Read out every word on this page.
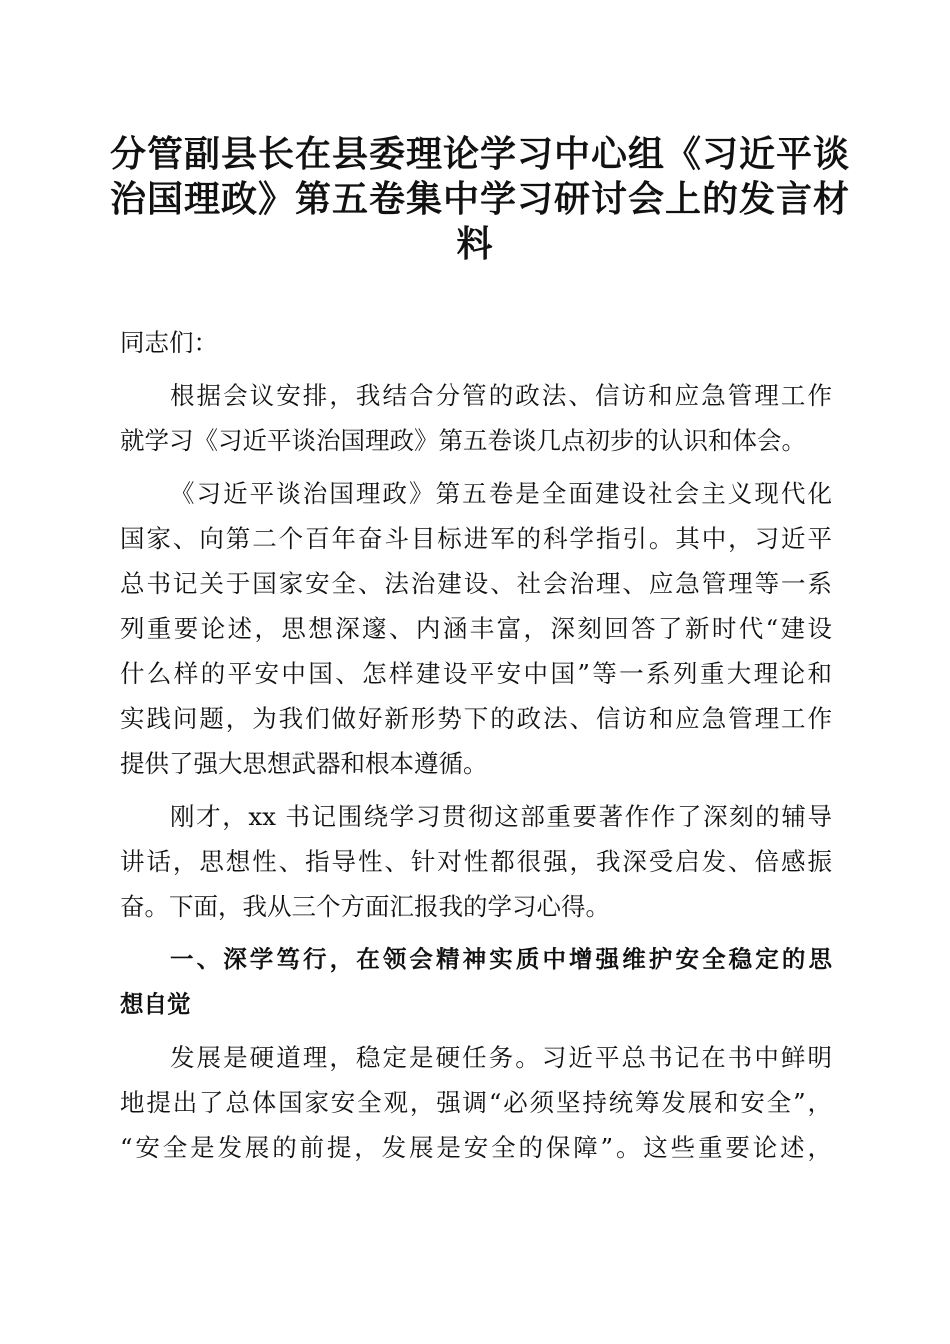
分管副县长在县委理论学习中心组《习近平谈
治国理政》第五卷集中学习研讨会上的发言材
料
同志们：
根据会议安排，我结合分管的政法、信访和应急管理工作
就学习《习近平谈治国理政》第五卷谈几点初步的认识和体会。
《习近平谈治国理政》第五卷是全面建设社会主义现代化
国家、向第二个百年奋斗目标进军的科学指引。其中，习近平
总书记关于国家安全、法治建设、社会治理、应急管理等一系
列重要论述，思想深邃、内涵丰富，深刻回答了新时代“建设
什么样的平安中国、怎样建设平安中国”等一系列重大理论和
实践问题，为我们做好新形势下的政法、信访和应急管理工作
提供了强大思想武器和根本遵循。
刚才，xx 书记围绕学习贯彻这部重要著作作了深刻的辅导
讲话，思想性、指导性、针对性都很强，我深受启发、倍感振
奋。下面，我从三个方面汇报我的学习心得。
一、深学笃行，在领会精神实质中增强维护安全稳定的思
想自觉
发展是硬道理，稳定是硬任务。习近平总书记在书中鲜明
地提出了总体国家安全观，强调“必须坚持统筹发展和安全”，
“安全是发展的前提，发展是安全的保障”。这些重要论述，
